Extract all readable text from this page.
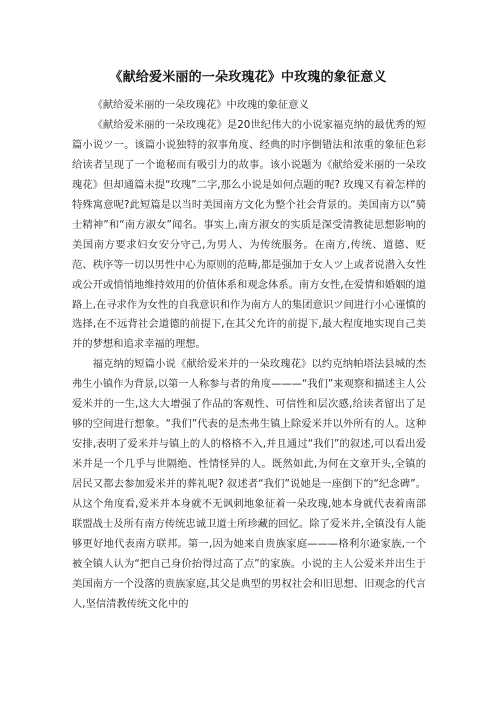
《献给爱米丽的一朵玫瑰花》中玫瑰的象征意义

《献给爱米丽的一朵玫瑰花》中玫瑰的象征意义

《献给爱米丽的一朵玫瑰花》是20世纪伟大的小说家福克纳的最优秀的短篇小说ツ一。该篇小说独特的叙事角度、经典的时序倒错法和浓重的象征色彩给读者呈现了一个诡秘而有吸引力的故事。该小说题为《献给爱米丽的一朵玫瑰花》但却通篇未提“玫瑰”二字,那么小说是如何点题的呢? 玫瑰又有着怎样的特殊寓意呢?此短篇是以当时美国南方文化为整个社会背景的。美国南方以“骑士精神”和“南方淑女”闻名。事实上,南方淑女的实质是深受清教徒思想影响的美国南方要求妇女安分守己,为男人、为传统服务。在南方,传统、道德、贬范、秩序等一切以男性中心为原则的范畴,都是强加于女人ツ上或者说潜入女性或公开或悄悄地维持效用的价值体系和观念体系。南方女性,在爱情和婚姻的道路上,在寻求作为女性的自我意识和作为南方人的集团意识ツ间进行小心谨慎的选择,在不远背社会道德的前提下,在其父允许的前提下,最大程度地实现自己美并的梦想和追求幸福的理想。

福克纳的短篇小说《献给爱米并的一朵玫瑰花》以约克纳帕塔法县城的杰弗生小镇作为背景,以第一人称参与者的角度———“我们”来观察和描述主人公爱米并的一生,这大大增强了作品的客观性、可信性和层次感,给读者留出了足够的空间进行想象。“我们”代表的是杰弗生镇上除爱米并以外所有的人。这种安排,表明了爱米并与镇上的人的格格不入,并且通过“我们”的叙述,可以看出爱米并是一个几乎与世隔绝、性情怪异的人。既然如此,为何在文章开头,全镇的居民又都去参加爱米并的葬礼呢? 叙述者“我们”说她是一座倒下的“纪念碑”。从这个角度看,爱米并本身就不无讽刺地象征着一朵玫瑰,她本身就代表着南部联盟战士及所有南方传统忠诚卫道士所珍藏的回忆。除了爱米并,全镇没有人能够更好地代表南方联邦。第一,因为她来自贵族家庭———格利尔逊家族,一个被全镇人认为“把自己身价抬得过高了点”的家族。小说的主人公爱米并出生于美国南方一个没落的贵族家庭,其父是典型的男权社会和旧思想、旧观念的代言人,坚信清教传统文化中的
